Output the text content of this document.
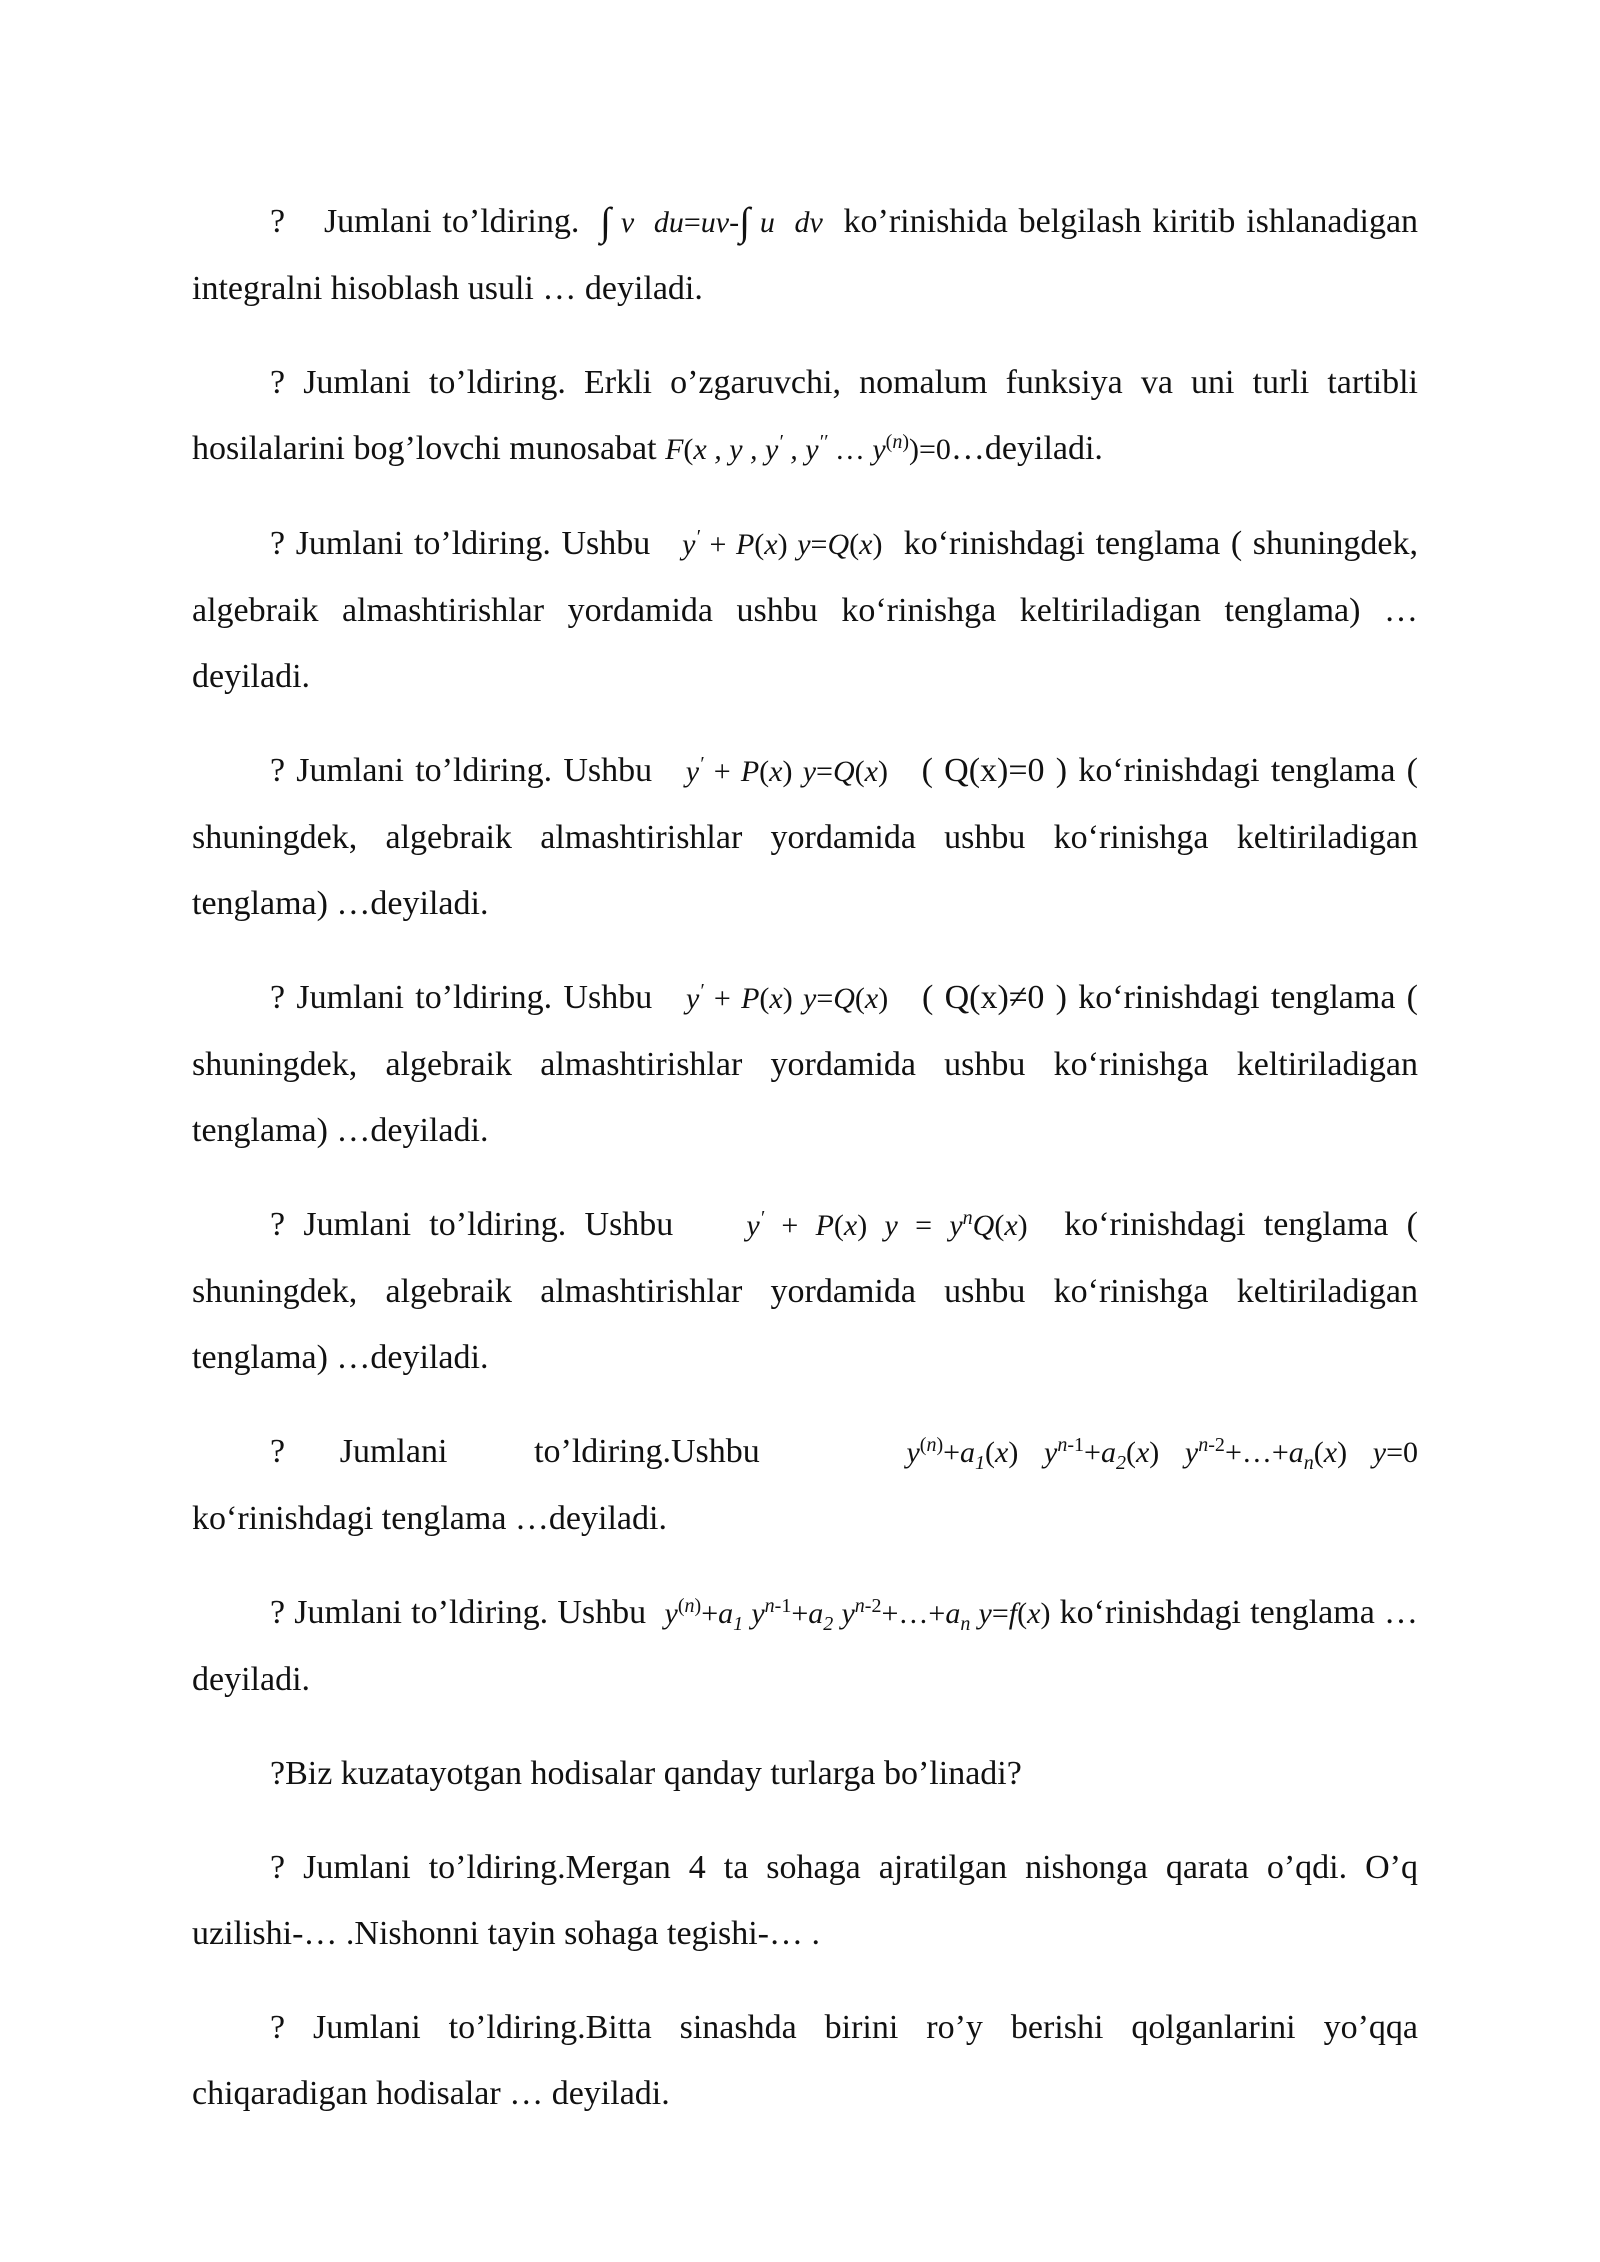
? Jumlani to’ldiring. ∫ v  du=uv-∫ u  dv  ko’rinishida belgilash kiritib ishlanadigan integralni hisoblash usuli … deyiladi.

? Jumlani to’ldiring. Erkli o’zgaruvchi, nomalum funksiya va uni turli tartibli hosilalarini bog’lovchi munosabat F(x , y , y′ , y′′ … $y^{(n)})=0\dots deyiladi$.

? Jumlani to’ldiring. Ushbu y′ + P(x) y=Q(x) ko‘rinishdagi tenglama ( shuningdek, algebraik almashtirishlar yordamida ushbu ko‘rinishga keltiriladigan tenglama) …deyiladi.

? Jumlani to’ldiring. Ushbu y′ + P(x) y=Q(x) ( Q(x)=0 ) ko‘rinishdagi tenglama ( shuningdek, algebraik almashtirishlar yordamida ushbu ko‘rinishga keltiriladigan tenglama) …deyiladi.

? Jumlani to’ldiring. Ushbu y′ + P(x) y=Q(x) ( Q(x)≠0 ) ko‘rinishdagi tenglama ( shuningdek, algebraik almashtirishlar yordamida ushbu ko‘rinishga keltiriladigan tenglama) …deyiladi.

? Jumlani to’ldiring. Ushbu y′ + P(x) $y = y^nQ(x)$ ko‘rinishdagi tenglama ( shuningdek, algebraik almashtirishlar yordamida ushbu ko‘rinishga keltiriladigan tenglama) …deyiladi.

? Jumlani	to’ldiring.Ushbu	$y^{(n)}+a_1(x)$ $y^{n-1}+a_2(x)$ $y^{n-2}+\dots+a_n(x)$ y=0 ko‘rinishdagi tenglama …deyiladi.

? Jumlani to’ldiring. Ushbu $y^{(n)}+a_1$ $y^{n-1}+a_2$ $y^{n-2}+\dots+a_n$ y=f(x) ko‘rinishdagi tenglama …deyiladi.

?Biz kuzatayotgan hodisalar qanday turlarga bo’linadi?

? Jumlani to’ldiring.Mergan 4 ta sohaga ajratilgan nishonga qarata o’qdi. O’q uzilishi-… .Nishonni tayin sohaga tegishi-… .

? Jumlani to’ldiring.Bitta sinashda birini ro’y berishi qolganlarini yo’qqa chiqaradigan hodisalar … deyiladi.
